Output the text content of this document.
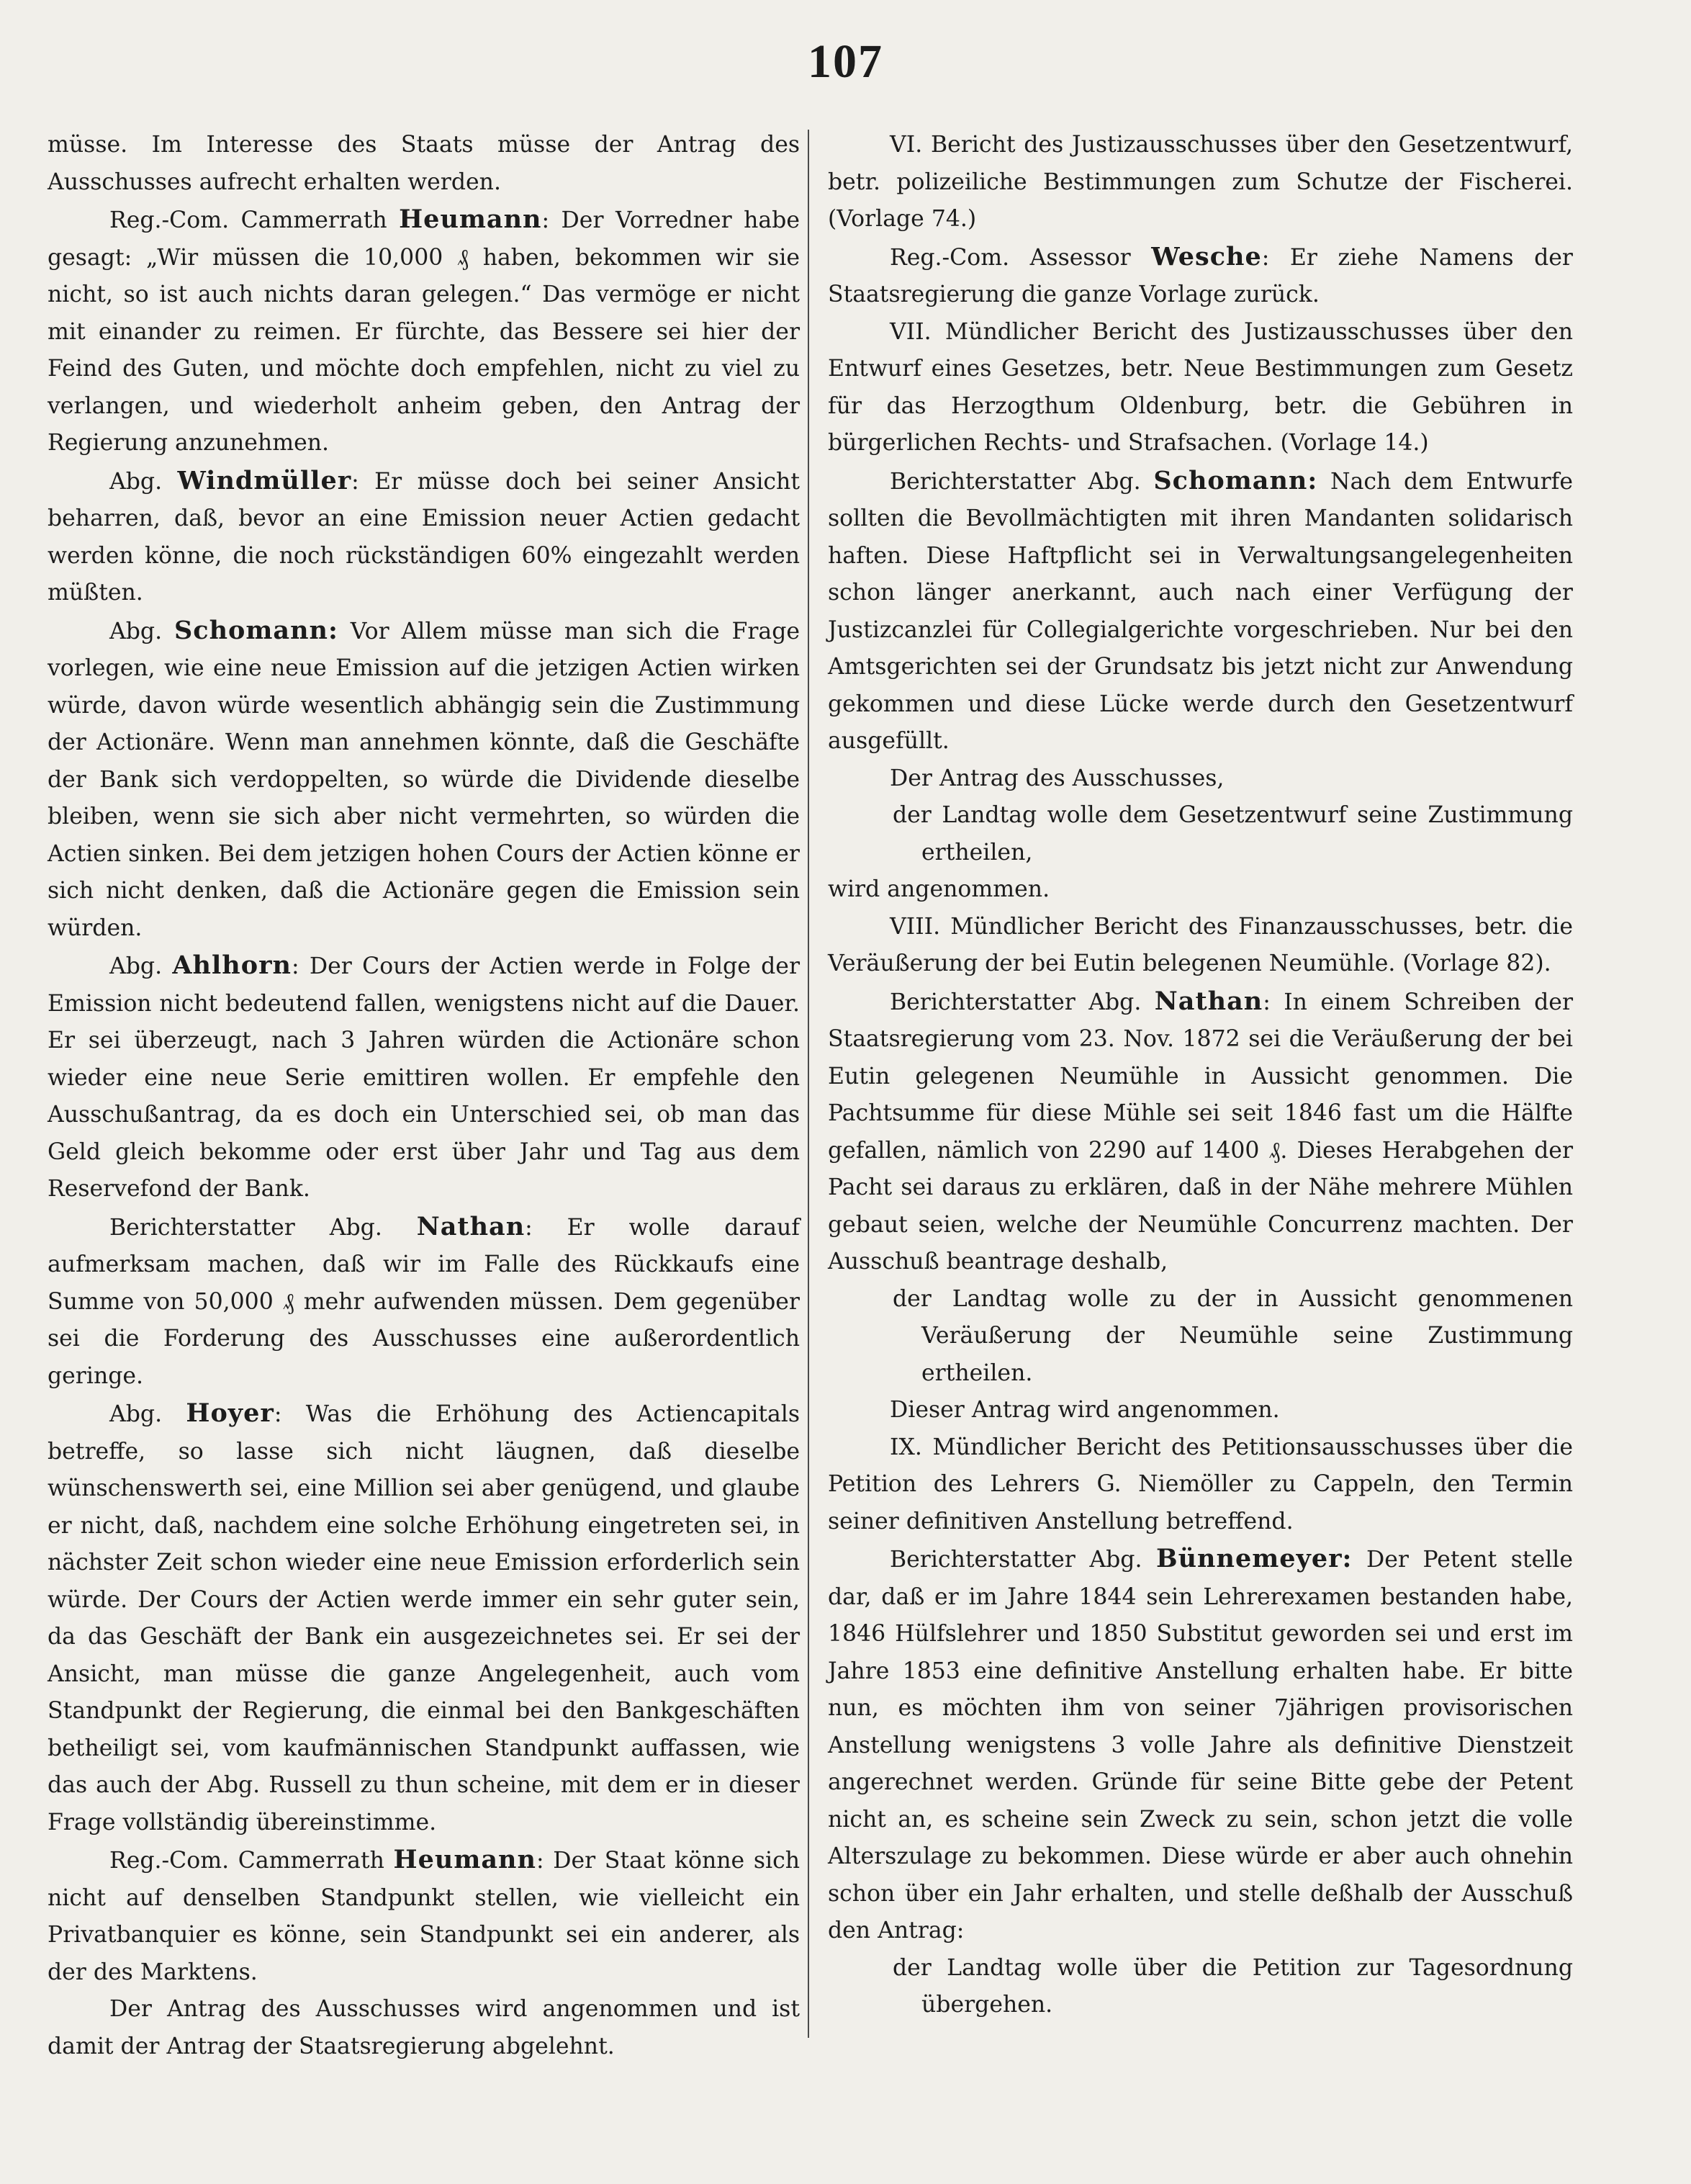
107

müsse. Im Interesse des Staats müsse der Antrag des Ausschusses aufrecht erhalten werden.

Reg.-Com. Cammerrath Heumann: Der Vorredner habe gesagt: „Wir müssen die 10,000 ₰ haben, bekommen wir sie nicht, so ist auch nichts daran gelegen.“ Das vermöge er nicht mit einander zu reimen. Er fürchte, das Bessere sei hier der Feind des Guten, und möchte doch empfehlen, nicht zu viel zu verlangen, und wiederholt anheim geben, den Antrag der Regierung anzunehmen.

Abg. Windmüller: Er müsse doch bei seiner Ansicht beharren, daß, bevor an eine Emission neuer Actien gedacht werden könne, die noch rückständigen 60% eingezahlt werden müßten.

Abg. Schomann: Vor Allem müsse man sich die Frage vorlegen, wie eine neue Emission auf die jetzigen Actien wirken würde, davon würde wesentlich abhängig sein die Zustimmung der Actionäre. Wenn man annehmen könnte, daß die Geschäfte der Bank sich verdoppelten, so würde die Dividende dieselbe bleiben, wenn sie sich aber nicht vermehrten, so würden die Actien sinken. Bei dem jetzigen hohen Cours der Actien könne er sich nicht denken, daß die Actionäre gegen die Emission sein würden.

Abg. Ahlhorn: Der Cours der Actien werde in Folge der Emission nicht bedeutend fallen, wenigstens nicht auf die Dauer. Er sei überzeugt, nach 3 Jahren würden die Actionäre schon wieder eine neue Serie emittiren wollen. Er empfehle den Ausschußantrag, da es doch ein Unterschied sei, ob man das Geld gleich bekomme oder erst über Jahr und Tag aus dem Reservefond der Bank.

Berichterstatter Abg. Nathan: Er wolle darauf aufmerksam machen, daß wir im Falle des Rückkaufs eine Summe von 50,000 ₰ mehr aufwenden müssen. Dem gegenüber sei die Forderung des Ausschusses eine außerordentlich geringe.

Abg. Hoyer: Was die Erhöhung des Actiencapitals betreffe, so lasse sich nicht läugnen, daß dieselbe wünschenswerth sei, eine Million sei aber genügend, und glaube er nicht, daß, nachdem eine solche Erhöhung eingetreten sei, in nächster Zeit schon wieder eine neue Emission erforderlich sein würde. Der Cours der Actien werde immer ein sehr guter sein, da das Geschäft der Bank ein ausgezeichnetes sei. Er sei der Ansicht, man müsse die ganze Angelegenheit, auch vom Standpunkt der Regierung, die einmal bei den Bankgeschäften betheiligt sei, vom kaufmännischen Standpunkt auffassen, wie das auch der Abg. Russell zu thun scheine, mit dem er in dieser Frage vollständig übereinstimme.

Reg.-Com. Cammerrath Heumann: Der Staat könne sich nicht auf denselben Standpunkt stellen, wie vielleicht ein Privatbanquier es könne, sein Standpunkt sei ein anderer, als der des Marktens.

Der Antrag des Ausschusses wird angenommen und ist damit der Antrag der Staatsregierung abgelehnt.

VI. Bericht des Justizausschusses über den Gesetzentwurf, betr. polizeiliche Bestimmungen zum Schutze der Fischerei. (Vorlage 74.)

Reg.-Com. Assessor Wesche: Er ziehe Namens der Staatsregierung die ganze Vorlage zurück.

VII. Mündlicher Bericht des Justizausschusses über den Entwurf eines Gesetzes, betr. Neue Bestimmungen zum Gesetz für das Herzogthum Oldenburg, betr. die Gebühren in bürgerlichen Rechts- und Strafsachen. (Vorlage 14.)

Berichterstatter Abg. Schomann: Nach dem Entwurfe sollten die Bevollmächtigten mit ihren Mandanten solidarisch haften. Diese Haftpflicht sei in Verwaltungsangelegenheiten schon länger anerkannt, auch nach einer Verfügung der Justizcanzlei für Collegialgerichte vorgeschrieben. Nur bei den Amtsgerichten sei der Grundsatz bis jetzt nicht zur Anwendung gekommen und diese Lücke werde durch den Gesetzentwurf ausgefüllt.

Der Antrag des Ausschusses,

der Landtag wolle dem Gesetzentwurf seine Zustimmung ertheilen,

wird angenommen.

VIII. Mündlicher Bericht des Finanzausschusses, betr. die Veräußerung der bei Eutin belegenen Neumühle. (Vorlage 82).

Berichterstatter Abg. Nathan: In einem Schreiben der Staatsregierung vom 23. Nov. 1872 sei die Veräußerung der bei Eutin gelegenen Neumühle in Aussicht genommen. Die Pachtsumme für diese Mühle sei seit 1846 fast um die Hälfte gefallen, nämlich von 2290 auf 1400 ₰. Dieses Herabgehen der Pacht sei daraus zu erklären, daß in der Nähe mehrere Mühlen gebaut seien, welche der Neumühle Concurrenz machten. Der Ausschuß beantrage deshalb,

der Landtag wolle zu der in Aussicht genommenen Veräußerung der Neumühle seine Zustimmung ertheilen.

Dieser Antrag wird angenommen.

IX. Mündlicher Bericht des Petitionsausschusses über die Petition des Lehrers G. Niemöller zu Cappeln, den Termin seiner definitiven Anstellung betreffend.

Berichterstatter Abg. Bünnemeyer: Der Petent stelle dar, daß er im Jahre 1844 sein Lehrerexamen bestanden habe, 1846 Hülfslehrer und 1850 Substitut geworden sei und erst im Jahre 1853 eine definitive Anstellung erhalten habe. Er bitte nun, es möchten ihm von seiner 7jährigen provisorischen Anstellung wenigstens 3 volle Jahre als definitive Dienstzeit angerechnet werden. Gründe für seine Bitte gebe der Petent nicht an, es scheine sein Zweck zu sein, schon jetzt die volle Alterszulage zu bekommen. Diese würde er aber auch ohnehin schon über ein Jahr erhalten, und stelle deßhalb der Ausschuß den Antrag:

der Landtag wolle über die Petition zur Tagesordnung übergehen.
